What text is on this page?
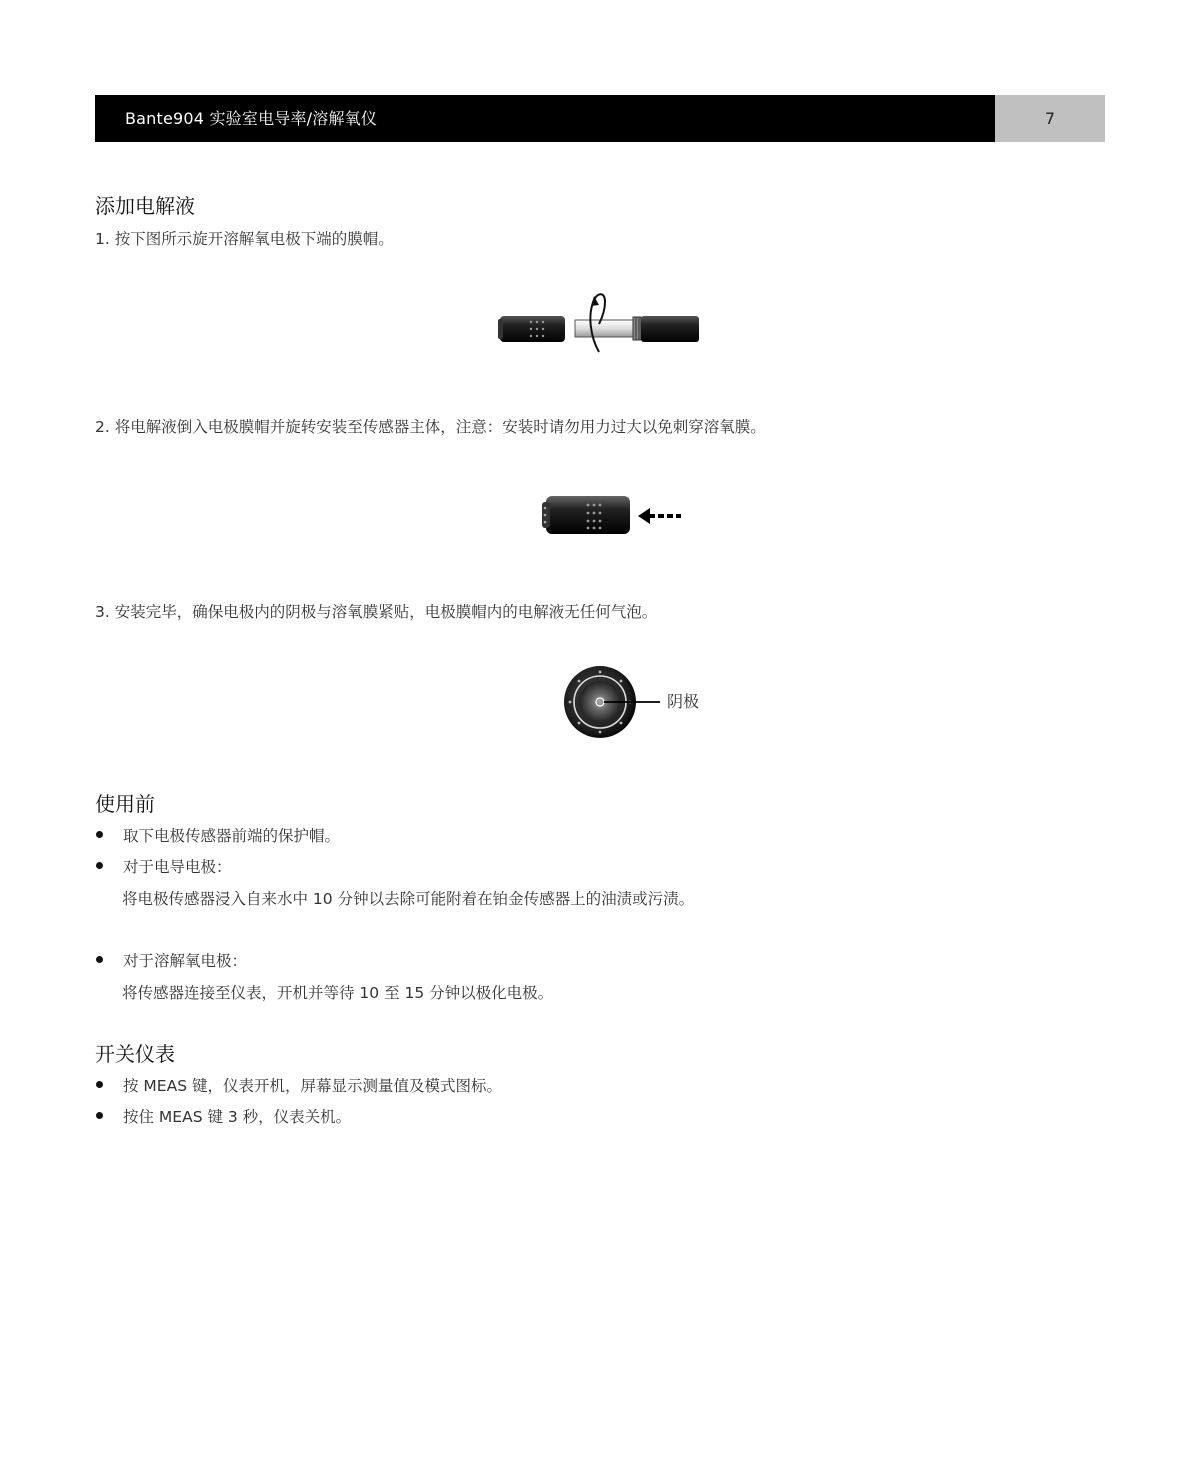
Bante904 实验室电导率/溶解氧仪	7
添加电解液
1. 按下图所示旋开溶解氧电极下端的膜帽。
2. 将电解液倒入电极膜帽并旋转安装至传感器主体，注意：安装时请勿用力过大以免刺穿溶氧膜。
3. 安装完毕，确保电极内的阴极与溶氧膜紧贴，电极膜帽内的电解液无任何气泡。
阴极
使用前
取下电极传感器前端的保护帽。
对于电导电极：
将电极传感器浸入自来水中 10 分钟以去除可能附着在铂金传感器上的油渍或污渍。
对于溶解氧电极：
将传感器连接至仪表，开机并等待 10 至 15 分钟以极化电极。
开关仪表
按 MEAS 键，仪表开机，屏幕显示测量值及模式图标。
按住 MEAS 键 3 秒，仪表关机。
